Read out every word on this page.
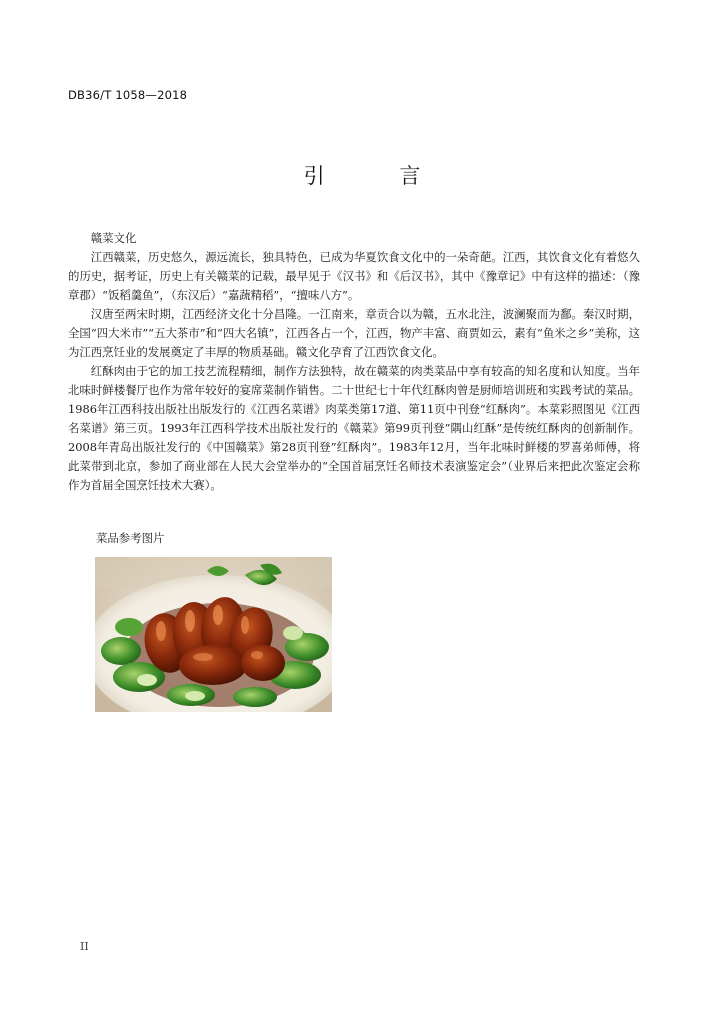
DB36/T 1058—2018
引 言

赣菜文化

江西赣菜，历史悠久，源远流长，独具特色，已成为华夏饮食文化中的一朵奇葩。江西，其饮食文化有着悠久的历史，据考证，历史上有关赣菜的记载，最早见于《汉书》和《后汉书》，其中《豫章记》中有这样的描述：（豫章郡）“饭稻羹鱼”，（东汉后）“嘉蔬精稻”，“擅味八方”。

汉唐至两宋时期，江西经济文化十分昌隆。一江南来，章贡合以为赣，五水北注，波澜聚而为鄱。秦汉时期，全国“四大米市”“五大茶市”和“四大名镇”，江西各占一个，江西，物产丰富、商贾如云，素有“鱼米之乡”美称，这为江西烹饪业的发展奠定了丰厚的物质基础。赣文化孕育了江西饮食文化。

红酥肉由于它的加工技艺流程精细，制作方法独特，故在赣菜的肉类菜品中享有较高的知名度和认知度。当年北味时鲜楼餐厅也作为常年较好的宴席菜制作销售。二十世纪七十年代红酥肉曾是厨师培训班和实践考试的菜品。1986年江西科技出版社出版发行的《江西名菜谱》肉菜类第17道、第11页中刊登“红酥肉”。本菜彩照图见《江西名菜谱》第三页。1993年江西科学技术出版社发行的《赣菜》第99页刊登”隅山红酥”是传统红酥肉的创新制作。 2008年青岛出版社发行的《中国赣菜》第28页刊登”红酥肉”。1983年12月，当年北味时鲜楼的罗喜弟师傅，将此菜带到北京，参加了商业部在人民大会堂举办的“全国首届烹饪名师技术表演鉴定会”（业界后来把此次鉴定会称作为首届全国烹饪技术大赛）。

菜品参考图片
II
